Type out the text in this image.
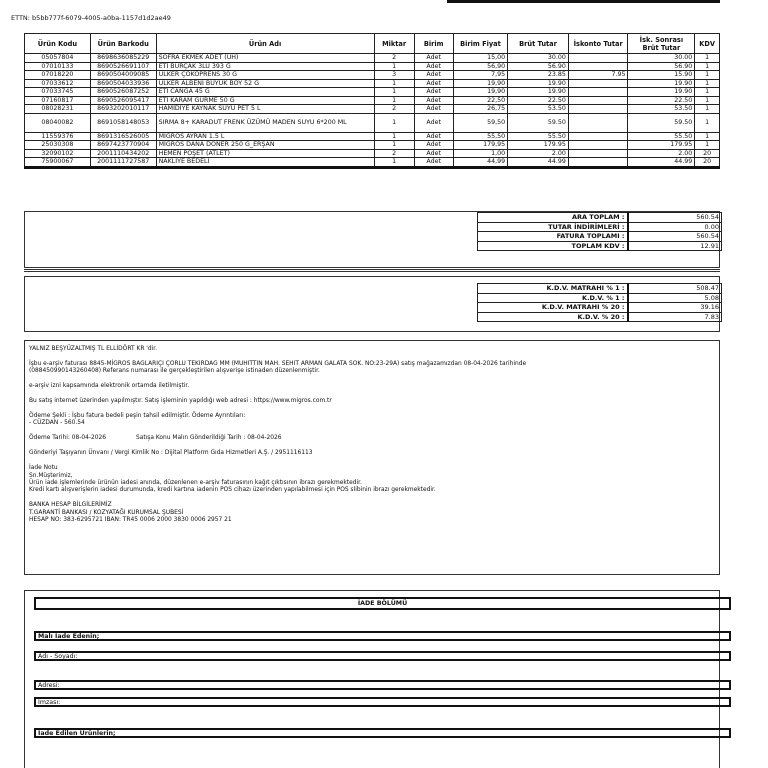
ETTN: b5bb777f-6079-4005-a0ba-1157d1d2ae49
Ürün Kodu	Ürün Barkodu	Ürün Adı	Miktar	Birim	Birim Fiyat	Brüt Tutar	İskonto Tutar	İsk. Sonrası Brüt Tutar	KDV
05057804	8698636085229	SOFRA EKMEK ADET (UH)	2	Adet	15,00	30.00		30.00	1
07010133	8690526691107	ETİ BURÇAK 3LÜ 393 G	1	Adet	56,90	56.90		56.90	1
07018220	8690504009085	ÜLKER ÇOKOPRENS 30 G	3	Adet	7,95	23.85	7.95	15.90	1
07033612	8690504033936	ÜLKER ALBENİ BÜYÜK BOY 52 G	1	Adet	19,90	19.90		19.90	1
07033745	8690526087252	ETİ CANGA 45 G	1	Adet	19,90	19.90		19.90	1
07160817	8690526095417	ETİ KARAM GURME 50 G	1	Adet	22,50	22.50		22.50	1
08028231	8693202010117	HAMİDİYE KAYNAK SUYU PET 5 L	2	Adet	26,75	53.50		53.50	1
08040082	8691058148053	SIRMA 8+ KARADUT FRENK ÜZÜMÜ MADEN SUYU 6*200 ML	1	Adet	59,50	59.50		59.50	1
11559376	8691316526005	MİGROS AYRAN 1.5 L	1	Adet	55,50	55.50		55.50	1
25030308	8697423770904	MİGROS DANA DÖNER 250 G_ERŞAN	1	Adet	179,95	179.95		179.95	1
32090102	2001110434202	HEMEN POŞET (ATLET)	2	Adet	1,00	2.00		2.00	20
75900067	2001111727587	NAKLİYE BEDELİ	1	Adet	44,99	44.99		44.99	20
ARA TOPLAM :	560.54
TUTAR İNDİRİMLERİ :	0.00
FATURA TOPLAMI :	560.54
TOPLAM KDV :	12.91
K.D.V. MATRAHI % 1 :	508.47
K.D.V. % 1 :	5.08
K.D.V. MATRAHI % 20 :	39.16
K.D.V. % 20 :	7.83

YALNIZ BEŞYÜZALTMIŞ TL ELLİDÖRT KR 'dir.

İşbu e-arşiv faturası 8845-MİGROS BAGLARIÇI ÇORLU TEKIRDAG MM (MUHITTIN MAH. SEHIT ARMAN GALATA SOK. NO:23-29A) satış mağazamızdan 08-04-2026 tarihinde

(08845099014326040​8) Referans numarası ile gerçekleştirilen alışverişe istinaden düzenlenmiştir.

e-arşiv izni kapsamında elektronik ortamda iletilmiştir.

Bu satış internet üzerinden yapılmıştır. Satış işleminin yapıldığı web adresi : https://www.migros.com.tr

Ödeme Şekli : İşbu fatura bedeli peşin tahsil edilmiştir. Ödeme Ayrıntıları:

- CÜZDAN - 560.54

Ödeme Tarihi: 08-04-2026	Satışa Konu Malın Gönderildiği Tarih : 08-04-2026

Gönderiyi Taşıyanın Ünvanı / Vergi Kimlik No : Dijital Platform Gıda Hizmetleri A.Ş. / 2951116113

İade Notu

Sn.Müşterimiz,

Ürün iade işlemlerinde ürünün iadesi anında, düzenlenen e-arşiv faturasının kağıt çıktısının ibrazı gerekmektedir.

Kredi kartı alışverişlerin iadesi durumunda, kredi kartına iadenin POS cihazı üzerinden yapılabilmesi için POS slibinin ibrazı gerekmektedir.

BANKA HESAP BİLGİLERİMİZ

T.GARANTİ BANKASI / KOZYATAĞI KURUMSAL ŞUBESİ

HESAP NO: 383-6295721 IBAN: TR45 0006 2000 3830 0006 2957 21

İADE BÖLÜMÜ
Malı İade Edenin;
Adı - Soyadı:
Adresi:
İmzası:
İade Edilen Ürünlerin;
